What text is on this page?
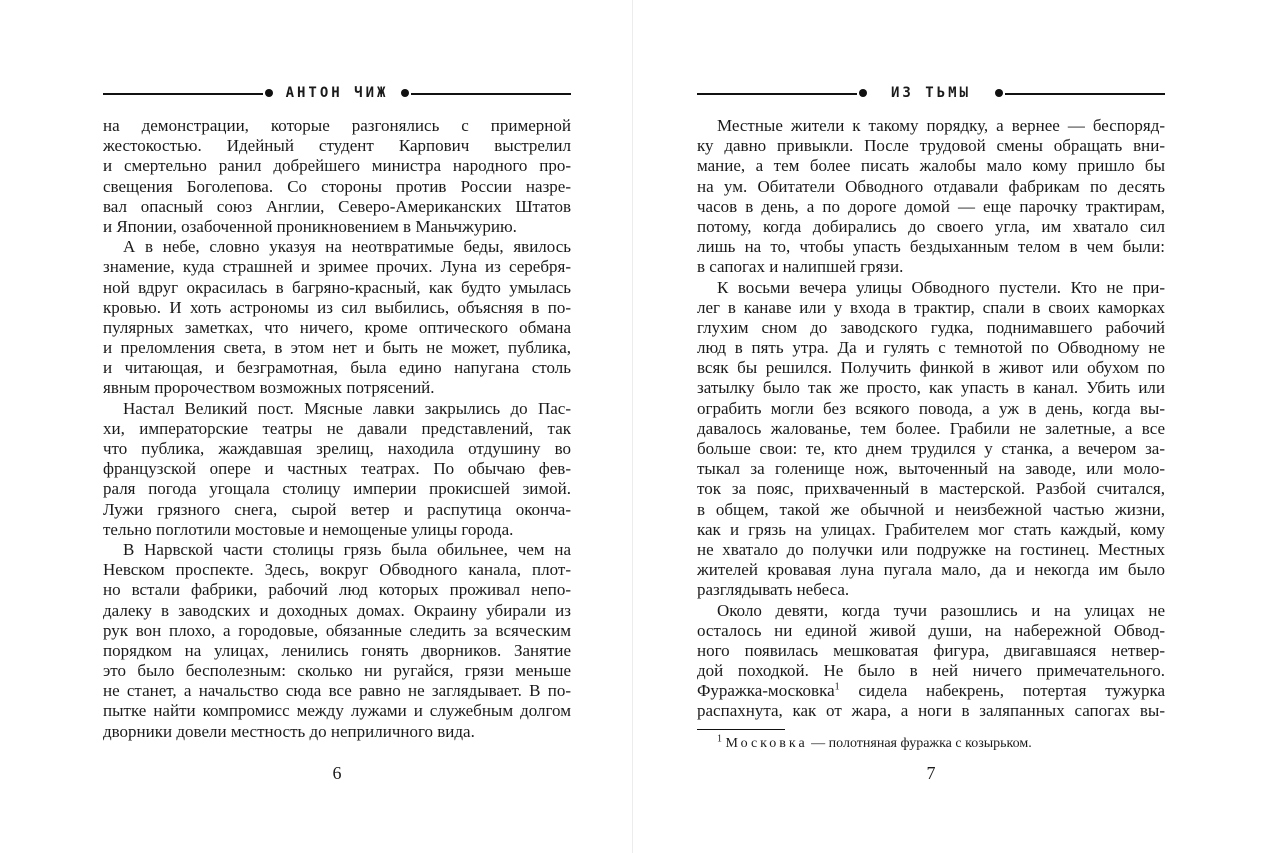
АНТОН ЧИЖ
на демонстрации, которые разгонялись с примерной
жестокостью. Идейный студент Карпович выстрелил
и смертельно ранил добрейшего министра народного про-
свещения Боголепова. Со стороны против России назре-
вал опасный союз Англии, Северо-Американских Штатов
и Японии, озабоченной проникновением в Маньчжурию.
А в небе, словно указуя на неотвратимые беды, явилось
знамение, куда страшней и зримее прочих. Луна из серебря-
ной вдруг окрасилась в багряно-красный, как будто умылась
кровью. И хоть астрономы из сил выбились, объясняя в по-
пулярных заметках, что ничего, кроме оптического обмана
и преломления света, в этом нет и быть не может, публика,
и читающая, и безграмотная, была едино напугана столь
явным пророчеством возможных потрясений.
Настал Великий пост. Мясные лавки закрылись до Пас-
хи, императорские театры не давали представлений, так
что публика, жаждавшая зрелищ, находила отдушину во
французской опере и частных театрах. По обычаю фев-
раля погода угощала столицу империи прокисшей зимой.
Лужи грязного снега, сырой ветер и распутица оконча-
тельно поглотили мостовые и немощеные улицы города.
В Нарвской части столицы грязь была обильнее, чем на
Невском проспекте. Здесь, вокруг Обводного канала, плот-
но встали фабрики, рабочий люд которых проживал непо-
далеку в заводских и доходных домах. Окраину убирали из
рук вон плохо, а городовые, обязанные следить за всяческим
порядком на улицах, ленились гонять дворников. Занятие
это было бесполезным: сколько ни ругайся, грязи меньше
не станет, а начальство сюда все равно не заглядывает. В по-
пытке найти компромисс между лужами и служебным долгом
дворники довели местность до неприличного вида.
6
ИЗ ТЬМЫ
Местные жители к такому порядку, а вернее — беспоряд-
ку давно привыкли. После трудовой смены обращать вни-
мание, а тем более писать жалобы мало кому пришло бы
на ум. Обитатели Обводного отдавали фабрикам по десять
часов в день, а по дороге домой — еще парочку трактирам,
потому, когда добирались до своего угла, им хватало сил
лишь на то, чтобы упасть бездыханным телом в чем были:
в сапогах и налипшей грязи.
К восьми вечера улицы Обводного пустели. Кто не при-
лег в канаве или у входа в трактир, спали в своих каморках
глухим сном до заводского гудка, поднимавшего рабочий
люд в пять утра. Да и гулять с темнотой по Обводному не
всяк бы решился. Получить финкой в живот или обухом по
затылку было так же просто, как упасть в канал. Убить или
ограбить могли без всякого повода, а уж в день, когда вы-
давалось жалованье, тем более. Грабили не залетные, а все
больше свои: те, кто днем трудился у станка, а вечером за-
тыкал за голенище нож, выточенный на заводе, или моло-
ток за пояс, прихваченный в мастерской. Разбой считался,
в общем, такой же обычной и неизбежной частью жизни,
как и грязь на улицах. Грабителем мог стать каждый, кому
не хватало до получки или подружке на гостинец. Местных
жителей кровавая луна пугала мало, да и некогда им было
разглядывать небеса.
Около девяти, когда тучи разошлись и на улицах не
осталось ни единой живой души, на набережной Обвод-
ного появилась мешковатая фигура, двигавшаяся нетвер-
дой походкой. Не было в ней ничего примечательного.
Фуражка-московка$^1$ сидела набекрень, потертая тужурка
распахнута, как от жара, а ноги в заляпанных сапогах вы-
$^1$ Московка — полотняная фуражка с козырьком.
7
